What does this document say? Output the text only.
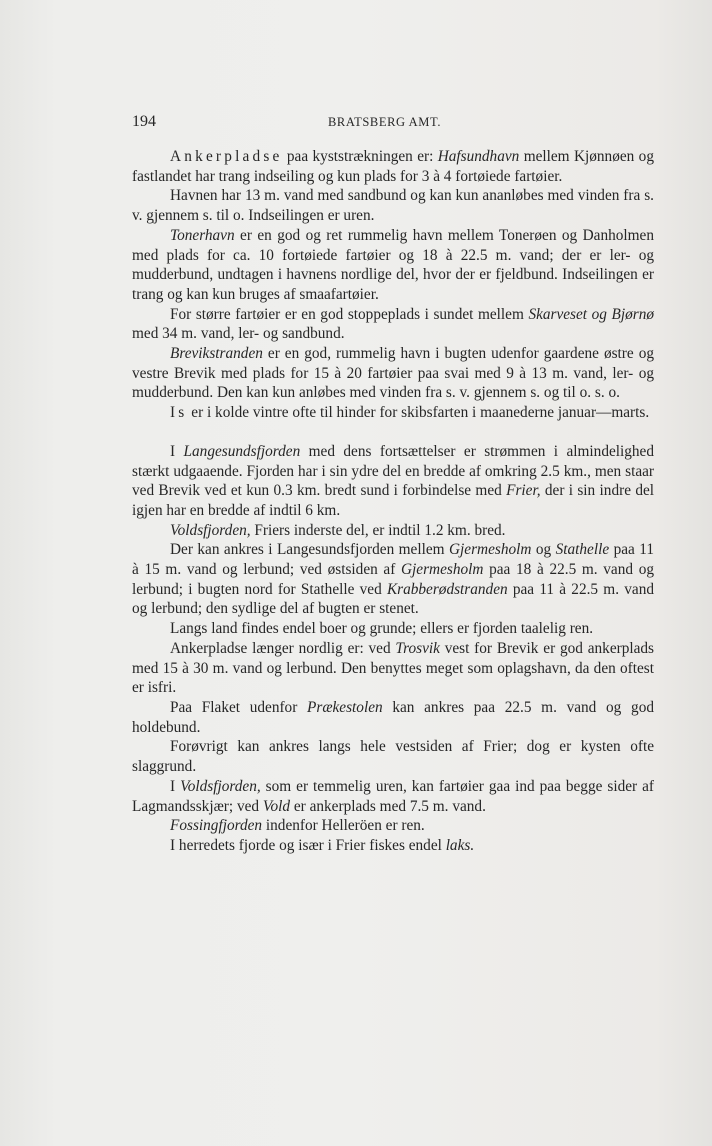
194	BRATSBERG AMT.

Ankerpladse paa kyststrækningen er: Hafsundhavn mellem Kjønnøen og fastlandet har trang indseiling og kun plads for 3 à 4 fortøiede fartøier.

Havnen har 13 m. vand med sandbund og kan kun ananløbes med vinden fra s. v. gjennem s. til o. Indseilingen er uren.

Tonerhavn er en god og ret rummelig havn mellem Tonerøen og Danholmen med plads for ca. 10 fortøiede fartøier og 18 à 22.5 m. vand; der er ler- og mudderbund, undtagen i havnens nordlige del, hvor der er fjeldbund. Indseilingen er trang og kan kun bruges af smaafartøier.

For større fartøier er en god stoppeplads i sundet mellem Skarveset og Bjørnø med 34 m. vand, ler- og sandbund.

Brevikstranden er en god, rummelig havn i bugten udenfor gaardene østre og vestre Brevik med plads for 15 à 20 fartøier paa svai med 9 à 13 m. vand, ler- og mudderbund. Den kan kun anløbes med vinden fra s. v. gjennem s. og til o. s. o.

Is er i kolde vintre ofte til hinder for skibsfarten i maanederne januar—marts.

I Langesundsfjorden med dens fortsættelser er strømmen i almindelighed stærkt udgaaende. Fjorden har i sin ydre del en bredde af omkring 2.5 km., men staar ved Brevik ved et kun 0.3 km. bredt sund i forbindelse med Frier, der i sin indre del igjen har en bredde af indtil 6 km.

Voldsfjorden, Friers inderste del, er indtil 1.2 km. bred.

Der kan ankres i Langesundsfjorden mellem Gjermesholm og Stathelle paa 11 à 15 m. vand og lerbund; ved østsiden af Gjermesholm paa 18 à 22.5 m. vand og lerbund; i bugten nord for Stathelle ved Krabberødstranden paa 11 à 22.5 m. vand og lerbund; den sydlige del af bugten er stenet.

Langs land findes endel boer og grunde; ellers er fjorden taalelig ren.

Ankerpladse længer nordlig er: ved Trosvik vest for Brevik er god ankerplads med 15 à 30 m. vand og lerbund. Den benyttes meget som oplagshavn, da den oftest er isfri.

Paa Flaket udenfor Prækestolen kan ankres paa 22.5 m. vand og god holdebund.

Forøvrigt kan ankres langs hele vestsiden af Frier; dog er kysten ofte slaggrund.

I Voldsfjorden, som er temmelig uren, kan fartøier gaa ind paa begge sider af Lagmandsskjær; ved Vold er ankerplads med 7.5 m. vand.

Fossingfjorden indenfor Helleröen er ren.

I herredets fjorde og især i Frier fiskes endel laks.
